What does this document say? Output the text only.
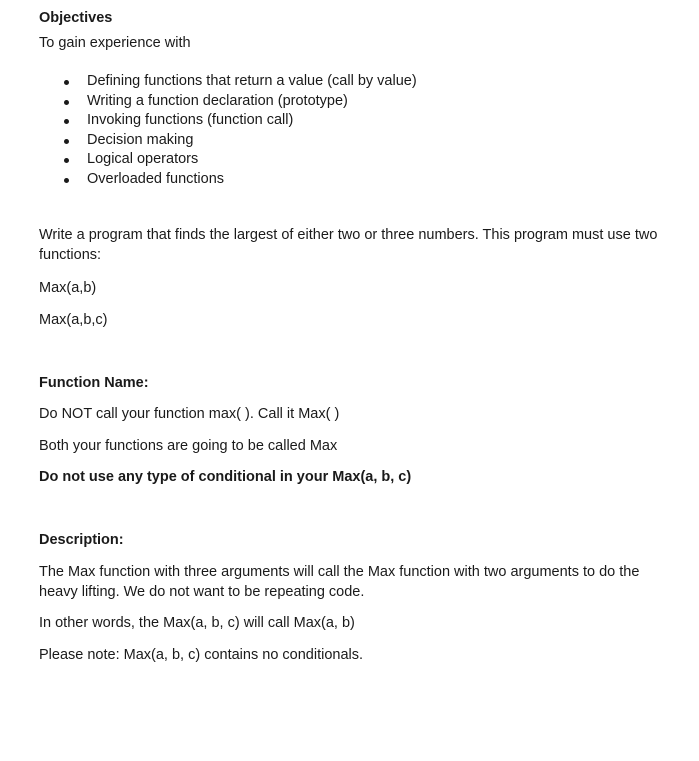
Objectives
To gain experience with
Defining functions that return a value (call by value)
Writing a function declaration (prototype)
Invoking functions (function call)
Decision making
Logical operators
Overloaded functions
Write a program that finds the largest of either two or three numbers. This program must use two functions:
Max(a,b)
Max(a,b,c)
Function Name:
Do NOT call your function max( ). Call it Max( )
Both your functions are going to be called Max
Do not use any type of conditional in your Max(a, b, c)
Description:
The Max function with three arguments will call the Max function with two arguments to do the heavy lifting. We do not want to be repeating code.
In other words, the Max(a, b, c) will call Max(a, b)
Please note: Max(a, b, c) contains no conditionals.
